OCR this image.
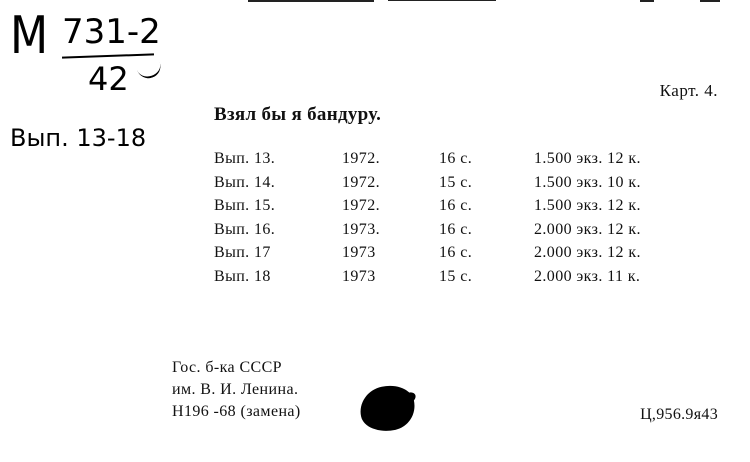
M 731-2
42
Вып. 13-18
Карт. 4.
Взял бы я бандуру.
Вып. 13.	1972.	16 с.	1.500 экз. 12 к.
Вып. 14.	1972.	15 с.	1.500 экз. 10 к.
Вып. 15.	1972.	16 с.	1.500 экз. 12 к.
Вып. 16.	1973.	16 с.	2.000 экз. 12 к.
Вып. 17	1973	16 с.	2.000 экз. 12 к.
Вып. 18	1973	15 с.	2.000 экз. 11 к.
Гос. б-ка СССР
им. В. И. Ленина.
Н196 -68 (замена)	Ц,956.9я43
